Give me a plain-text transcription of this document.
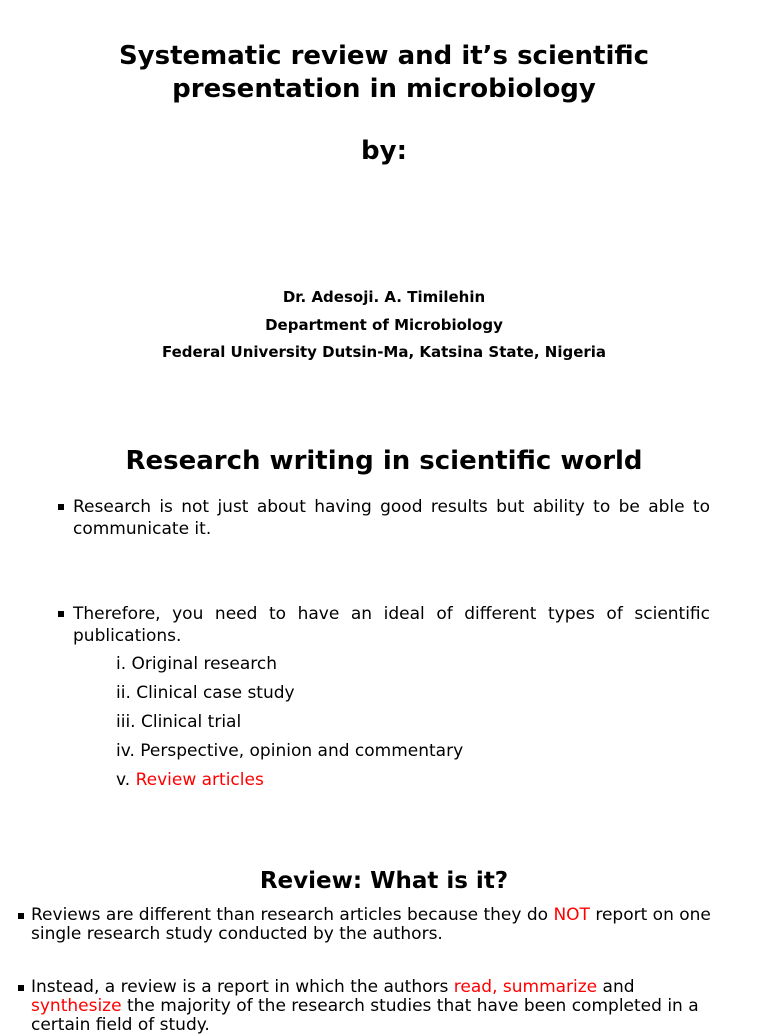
Systematic review and it’s scientific
presentation in microbiology
by:
Dr. Adesoji. A. Timilehin
Department of Microbiology
Federal University Dutsin-Ma, Katsina State, Nigeria
Research writing in scientific world
Research is not just about having good results but ability to be able to communicate it.
Therefore, you need to have an ideal of different types of scientific publications.
i. Original research
ii. Clinical case study
iii. Clinical trial
iv. Perspective, opinion and commentary
v. Review articles
Review: What is it?
Reviews are different than research articles because they do NOT report on one single research study conducted by the authors.
Instead, a review is a report in which the authors read, summarize and synthesize the majority of the research studies that have been completed in a certain field of study.
